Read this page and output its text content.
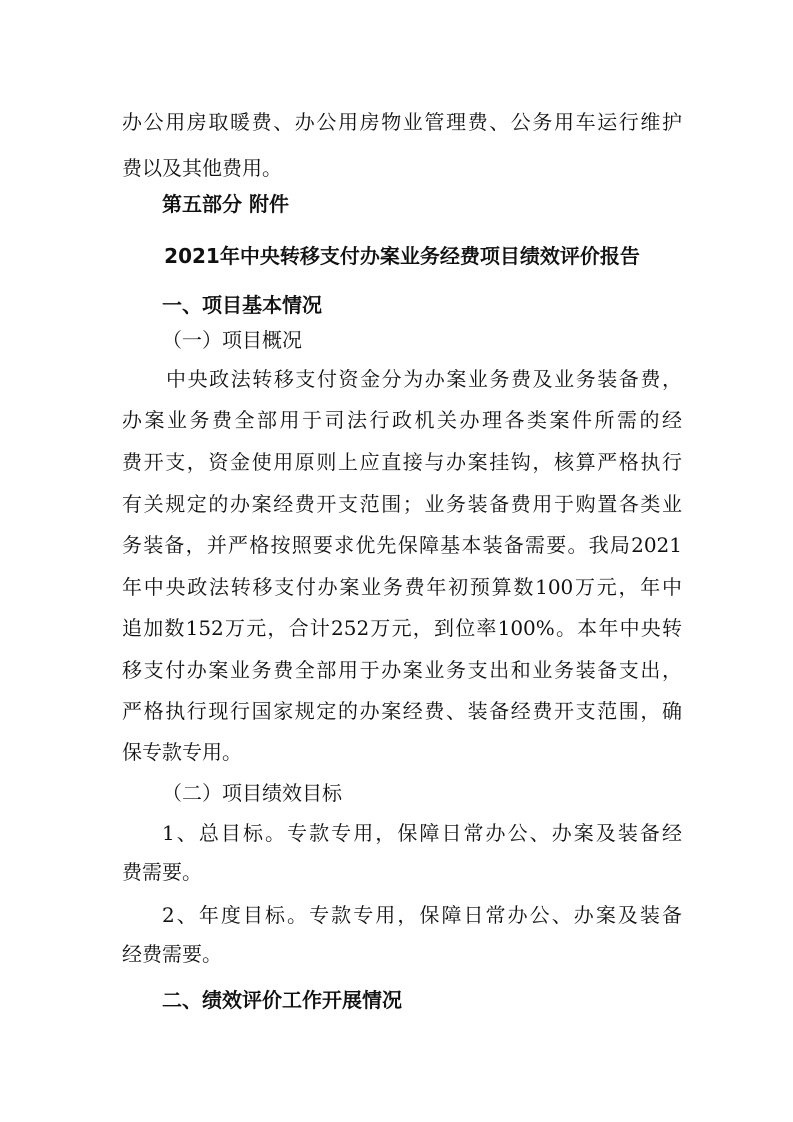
办公用房取暖费、办公用房物业管理费、公务用车运行维护
费以及其他费用。
第五部分 附件
2021年中央转移支付办案业务经费项目绩效评价报告
一、项目基本情况
（一）项目概况
中央政法转移支付资金分为办案业务费及业务装备费，
办案业务费全部用于司法行政机关办理各类案件所需的经
费开支，资金使用原则上应直接与办案挂钩，核算严格执行
有关规定的办案经费开支范围；业务装备费用于购置各类业
务装备，并严格按照要求优先保障基本装备需要。我局2021
年中央政法转移支付办案业务费年初预算数100万元，年中
追加数152万元，合计252万元，到位率100%。本年中央转
移支付办案业务费全部用于办案业务支出和业务装备支出，
严格执行现行国家规定的办案经费、装备经费开支范围，确
保专款专用。
（二）项目绩效目标
1、总目标。专款专用，保障日常办公、办案及装备经
费需要。
2、年度目标。专款专用，保障日常办公、办案及装备
经费需要。
二、绩效评价工作开展情况
